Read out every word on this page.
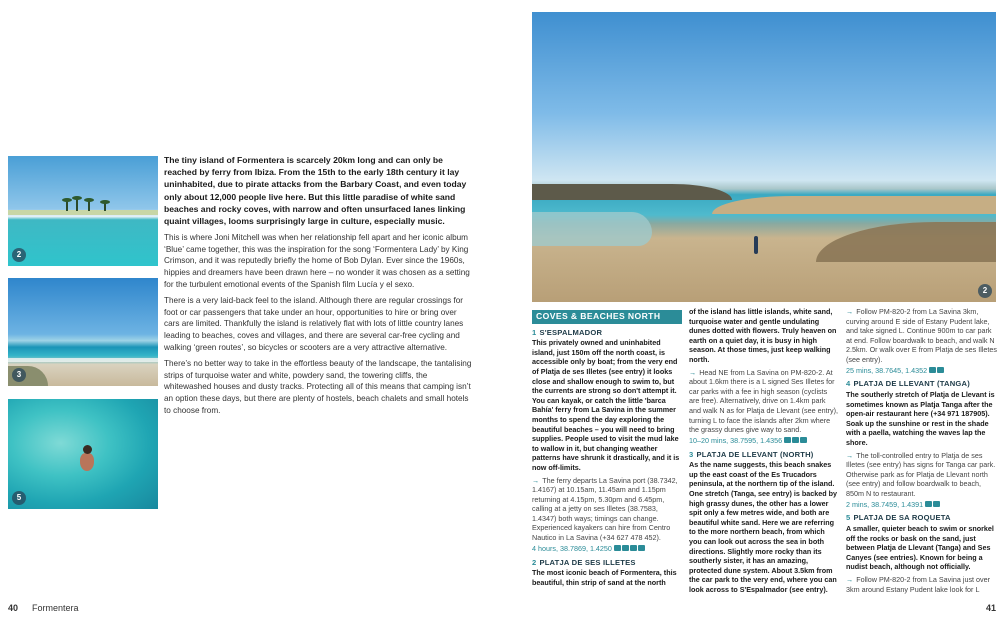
2
3
5

The tiny island of Formentera is scarcely 20km long and can only be reached by ferry from Ibiza. From the 15th to the early 18th century it lay uninhabited, due to pirate attacks from the Barbary Coast, and even today only about 12,000 people live here. But this little paradise of white sand beaches and rocky coves, with narrow and often unsurfaced lanes linking quaint villages, looms surprisingly large in culture, especially music.

This is where Joni Mitchell was when her relationship fell apart and her iconic album ‘Blue’ came together, this was the inspiration for the song ‘Formentera Lady’ by King Crimson, and it was reputedly briefly the home of Bob Dylan. Ever since the 1960s, hippies and dreamers have been drawn here – no wonder it was chosen as a setting for the turbulent emotional events of the Spanish film Lucía y el sexo.

There is a very laid-back feel to the island. Although there are regular crossings for foot or car passengers that take under an hour, opportunities to hire or bring over cars are limited. Thankfully the island is relatively flat with lots of little country lanes leading to beaches, coves and villages, and there are several car-free cycling and walking ‘green routes’, so bicycles or scooters are a very attractive alternative.

There’s no better way to take in the effortless beauty of the landscape, the tantalising strips of turquoise water and white, powdery sand, the towering cliffs, the whitewashed houses and dusty tracks. Protecting all of this means that camping isn’t an option these days, but there are plenty of hostels, beach chalets and small hotels to choose from.

2
COVES & BEACHES NORTH
1 S'ESPALMADOR

This privately owned and uninhabited island, just 150m off the north coast, is accessible only by boat; from the very end of Platja de ses Illetes (see entry) it looks close and shallow enough to swim to, but the currents are strong so don't attempt it. You can kayak, or catch the little 'barca Bahía' ferry from La Savina in the summer months to spend the day exploring the beautiful beaches – you will need to bring supplies. People used to visit the mud lake to wallow in it, but changing weather patterns have shrunk it drastically, and it is now off-limits.

→ The ferry departs La Savina port (38.7342, 1.4167) at 10.15am, 11.45am and 1.15pm returning at 4.15pm, 5.30pm and 6.45pm, calling at a jetty on ses Illetes (38.7583, 1.4347) both ways; timings can change. Experienced kayakers can hire from Centro Nautico in La Savina (+34 627 478 452).

4 hours, 38.7869, 1.4250

2 PLATJA DE SES ILLETES

The most iconic beach of Formentera, this beautiful, thin strip of sand at the north

of the island has little islands, white sand, turquoise water and gentle undulating dunes dotted with flowers. Truly heaven on earth on a quiet day, it is busy in high season. At those times, just keep walking north.

→ Head NE from La Savina on PM-820-2. At about 1.6km there is a L signed Ses Illetes for car parks with a fee in high season (cyclists are free). Alternatively, drive on 1.4km park and walk N as for Platja de Llevant (see entry), turning L to face the islands after 2km where the grassy dunes give way to sand.

10–20 mins, 38.7595, 1.4356

3 PLATJA DE LLEVANT (NORTH)

As the name suggests, this beach snakes up the east coast of the Es Trucadors peninsula, at the northern tip of the island. One stretch (Tanga, see entry) is backed by high grassy dunes, the other has a lower spit only a few metres wide, and both are beautiful white sand. Here we are referring to the more northern beach, from which you can look out across the sea in both directions. Slightly more rocky than its southerly sister, it has an amazing, protected dune system. About 3.5km from the car park to the very end, where you can look across to S'Espalmador (see entry).

→ Follow PM-820-2 from La Savina 3km, curving around E side of Estany Pudent lake, and take signed L. Continue 900m to car park at end. Follow boardwalk to beach, and walk N 2.5km. Or walk over E from Platja de ses Illetes (see entry).

25 mins, 38.7645, 1.4352

4 PLATJA DE LLEVANT (TANGA)

The southerly stretch of Platja de Llevant is sometimes known as Platja Tanga after the open-air restaurant here (+34 971 187905). Soak up the sunshine or rest in the shade with a paella, watching the waves lap the shore.

→ The toll-controlled entry to Platja de ses Illetes (see entry) has signs for Tanga car park. Otherwise park as for Platja de Llevant north (see entry) and follow boardwalk to beach, 850m N to restaurant.

2 mins, 38.7459, 1.4391

5 PLATJA DE SA ROQUETA

A smaller, quieter beach to swim or snorkel off the rocks or bask on the sand, just between Platja de Llevant (Tanga) and Ses Canyes (see entries). Known for being a nudist beach, although not officially.

→ Follow PM-820-2 from La Savina just over 3km around Estany Pudent lake look for L

40 Formentera	41
